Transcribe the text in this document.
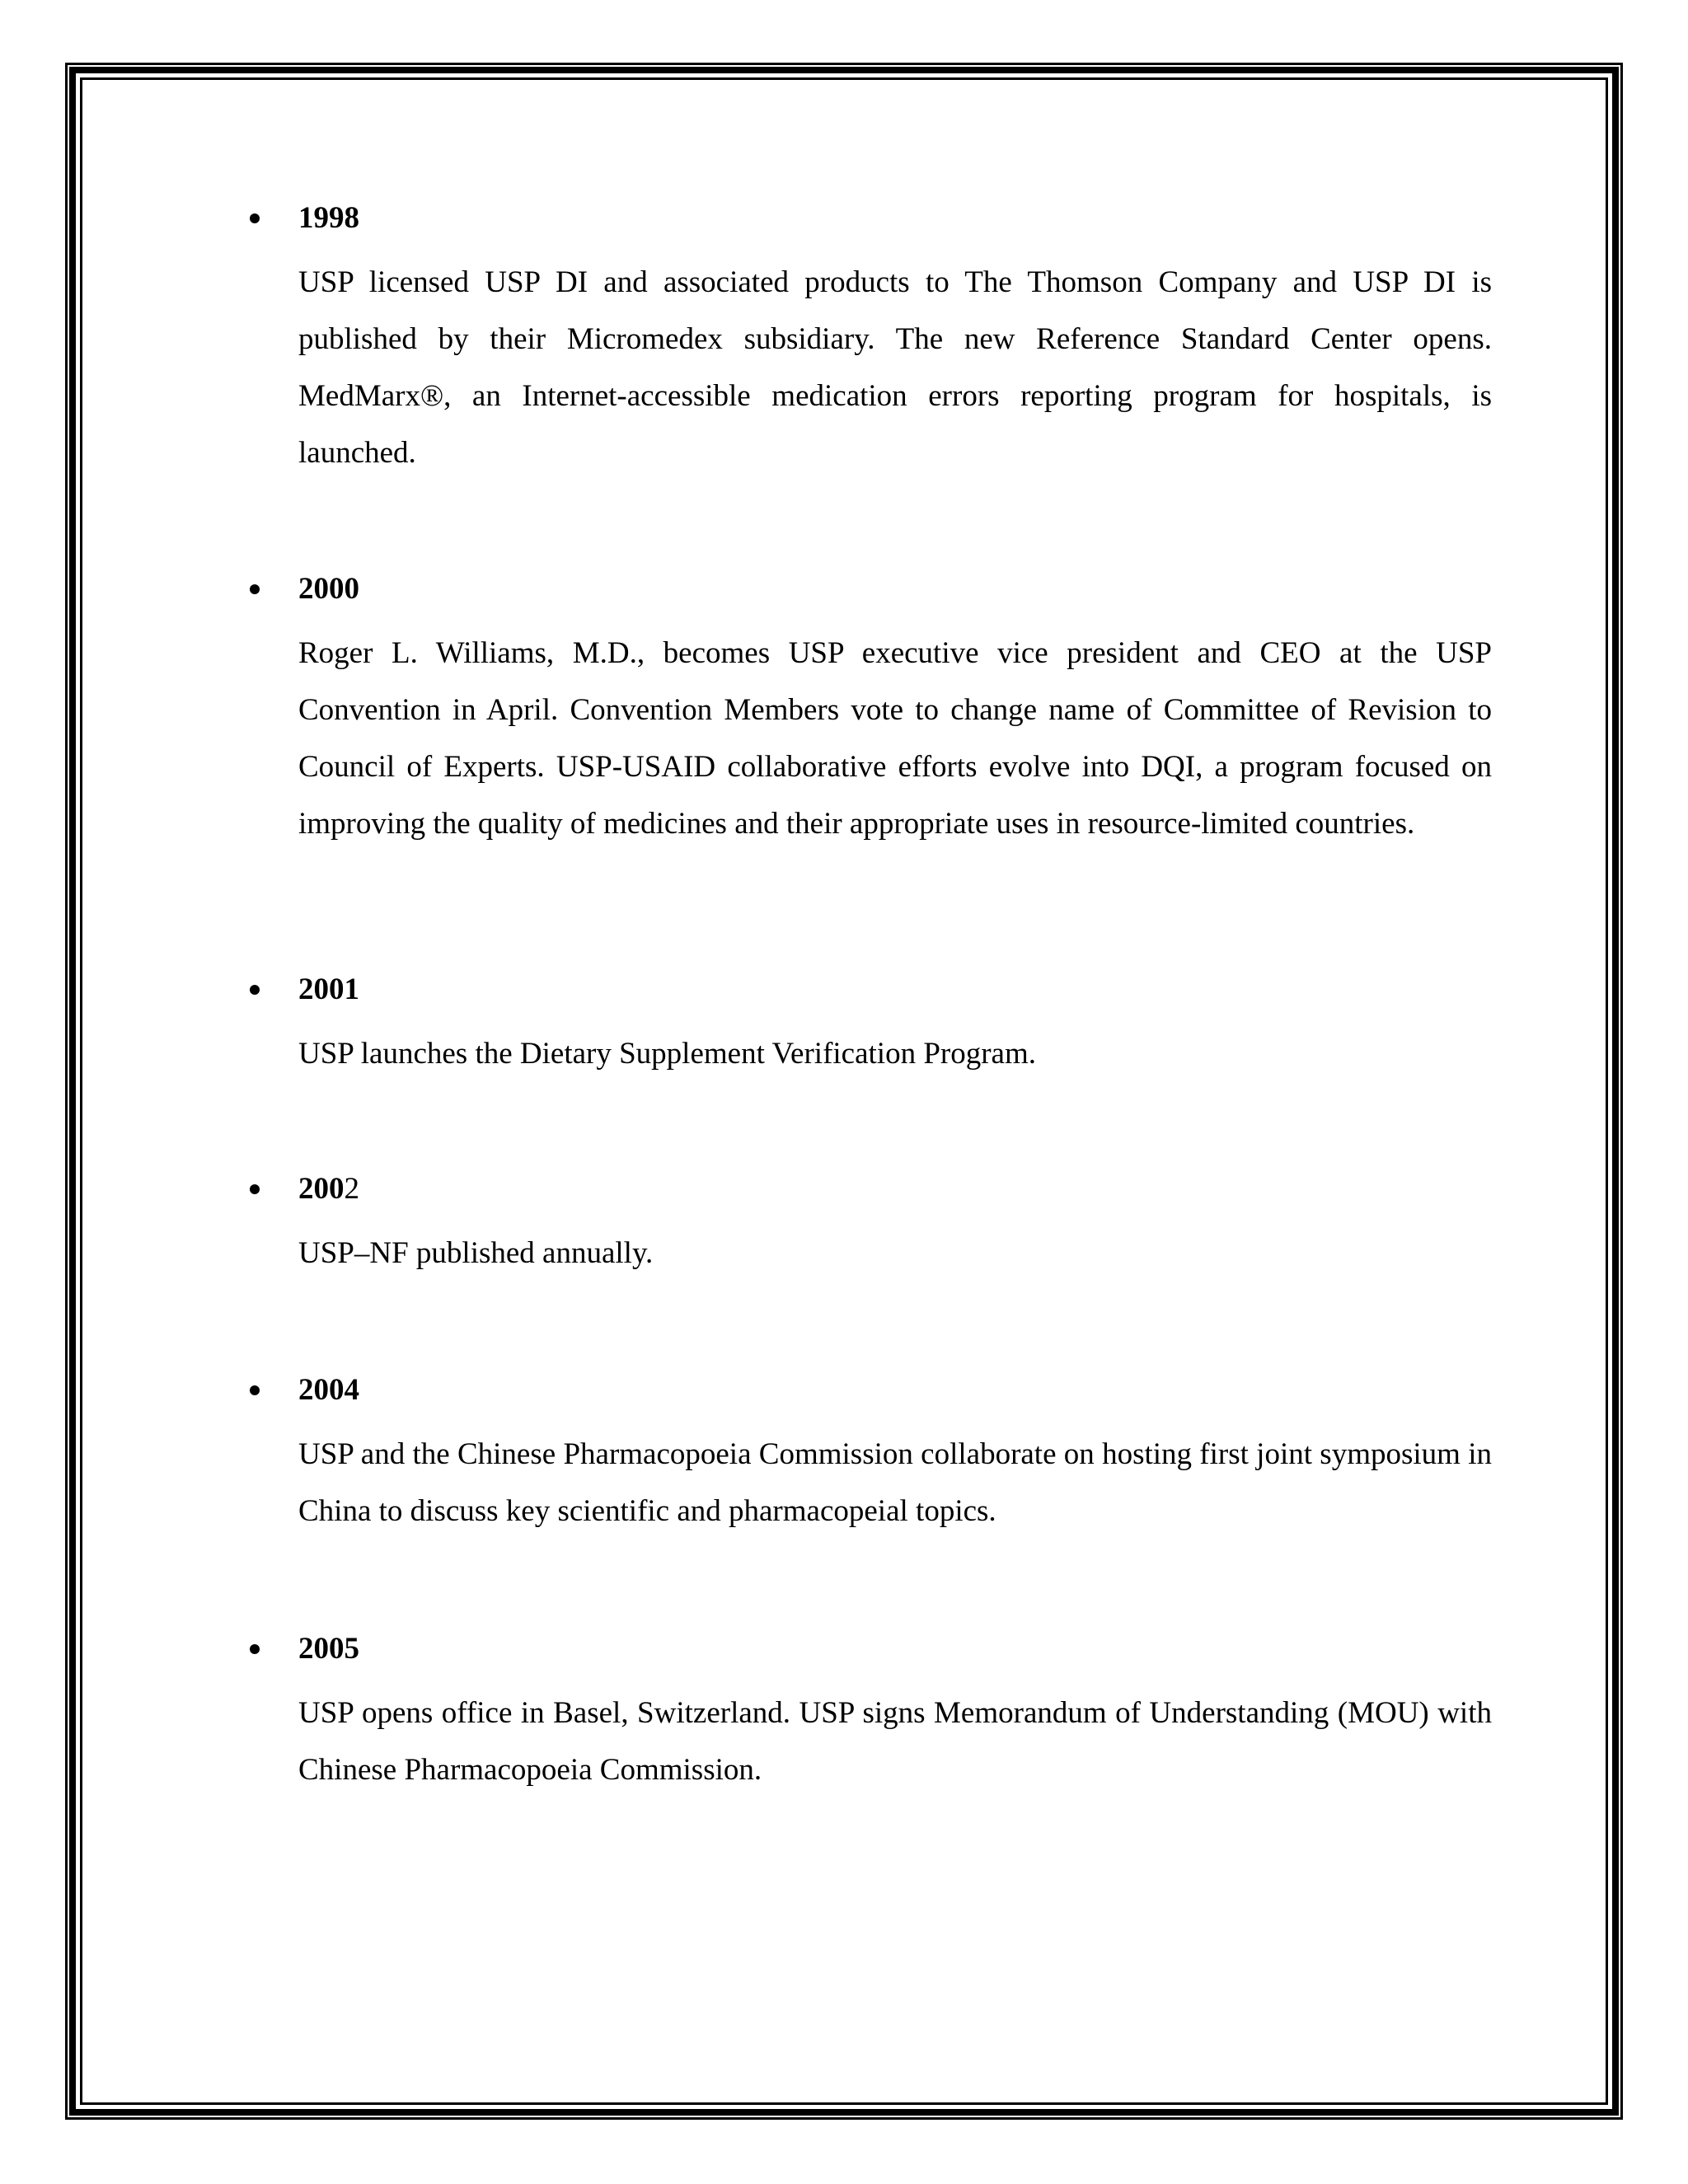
1998
USP licensed USP DI and associated products to The Thomson Company and USP DI is published by their Micromedex subsidiary. The new Reference Standard Center opens. MedMarx®, an Internet-accessible medication errors reporting program for hospitals, is launched.
2000
Roger L. Williams, M.D., becomes USP executive vice president and CEO at the USP Convention in April. Convention Members vote to change name of Committee of Revision to Council of Experts. USP-USAID collaborative efforts evolve into DQI, a program focused on improving the quality of medicines and their appropriate uses in resource-limited countries.
2001
USP launches the Dietary Supplement Verification Program.
2002
USP–NF published annually.
2004
USP and the Chinese Pharmacopoeia Commission collaborate on hosting first joint symposium in China to discuss key scientific and pharmacopeial topics.
2005
USP opens office in Basel, Switzerland. USP signs Memorandum of Understanding (MOU) with Chinese Pharmacopoeia Commission.
